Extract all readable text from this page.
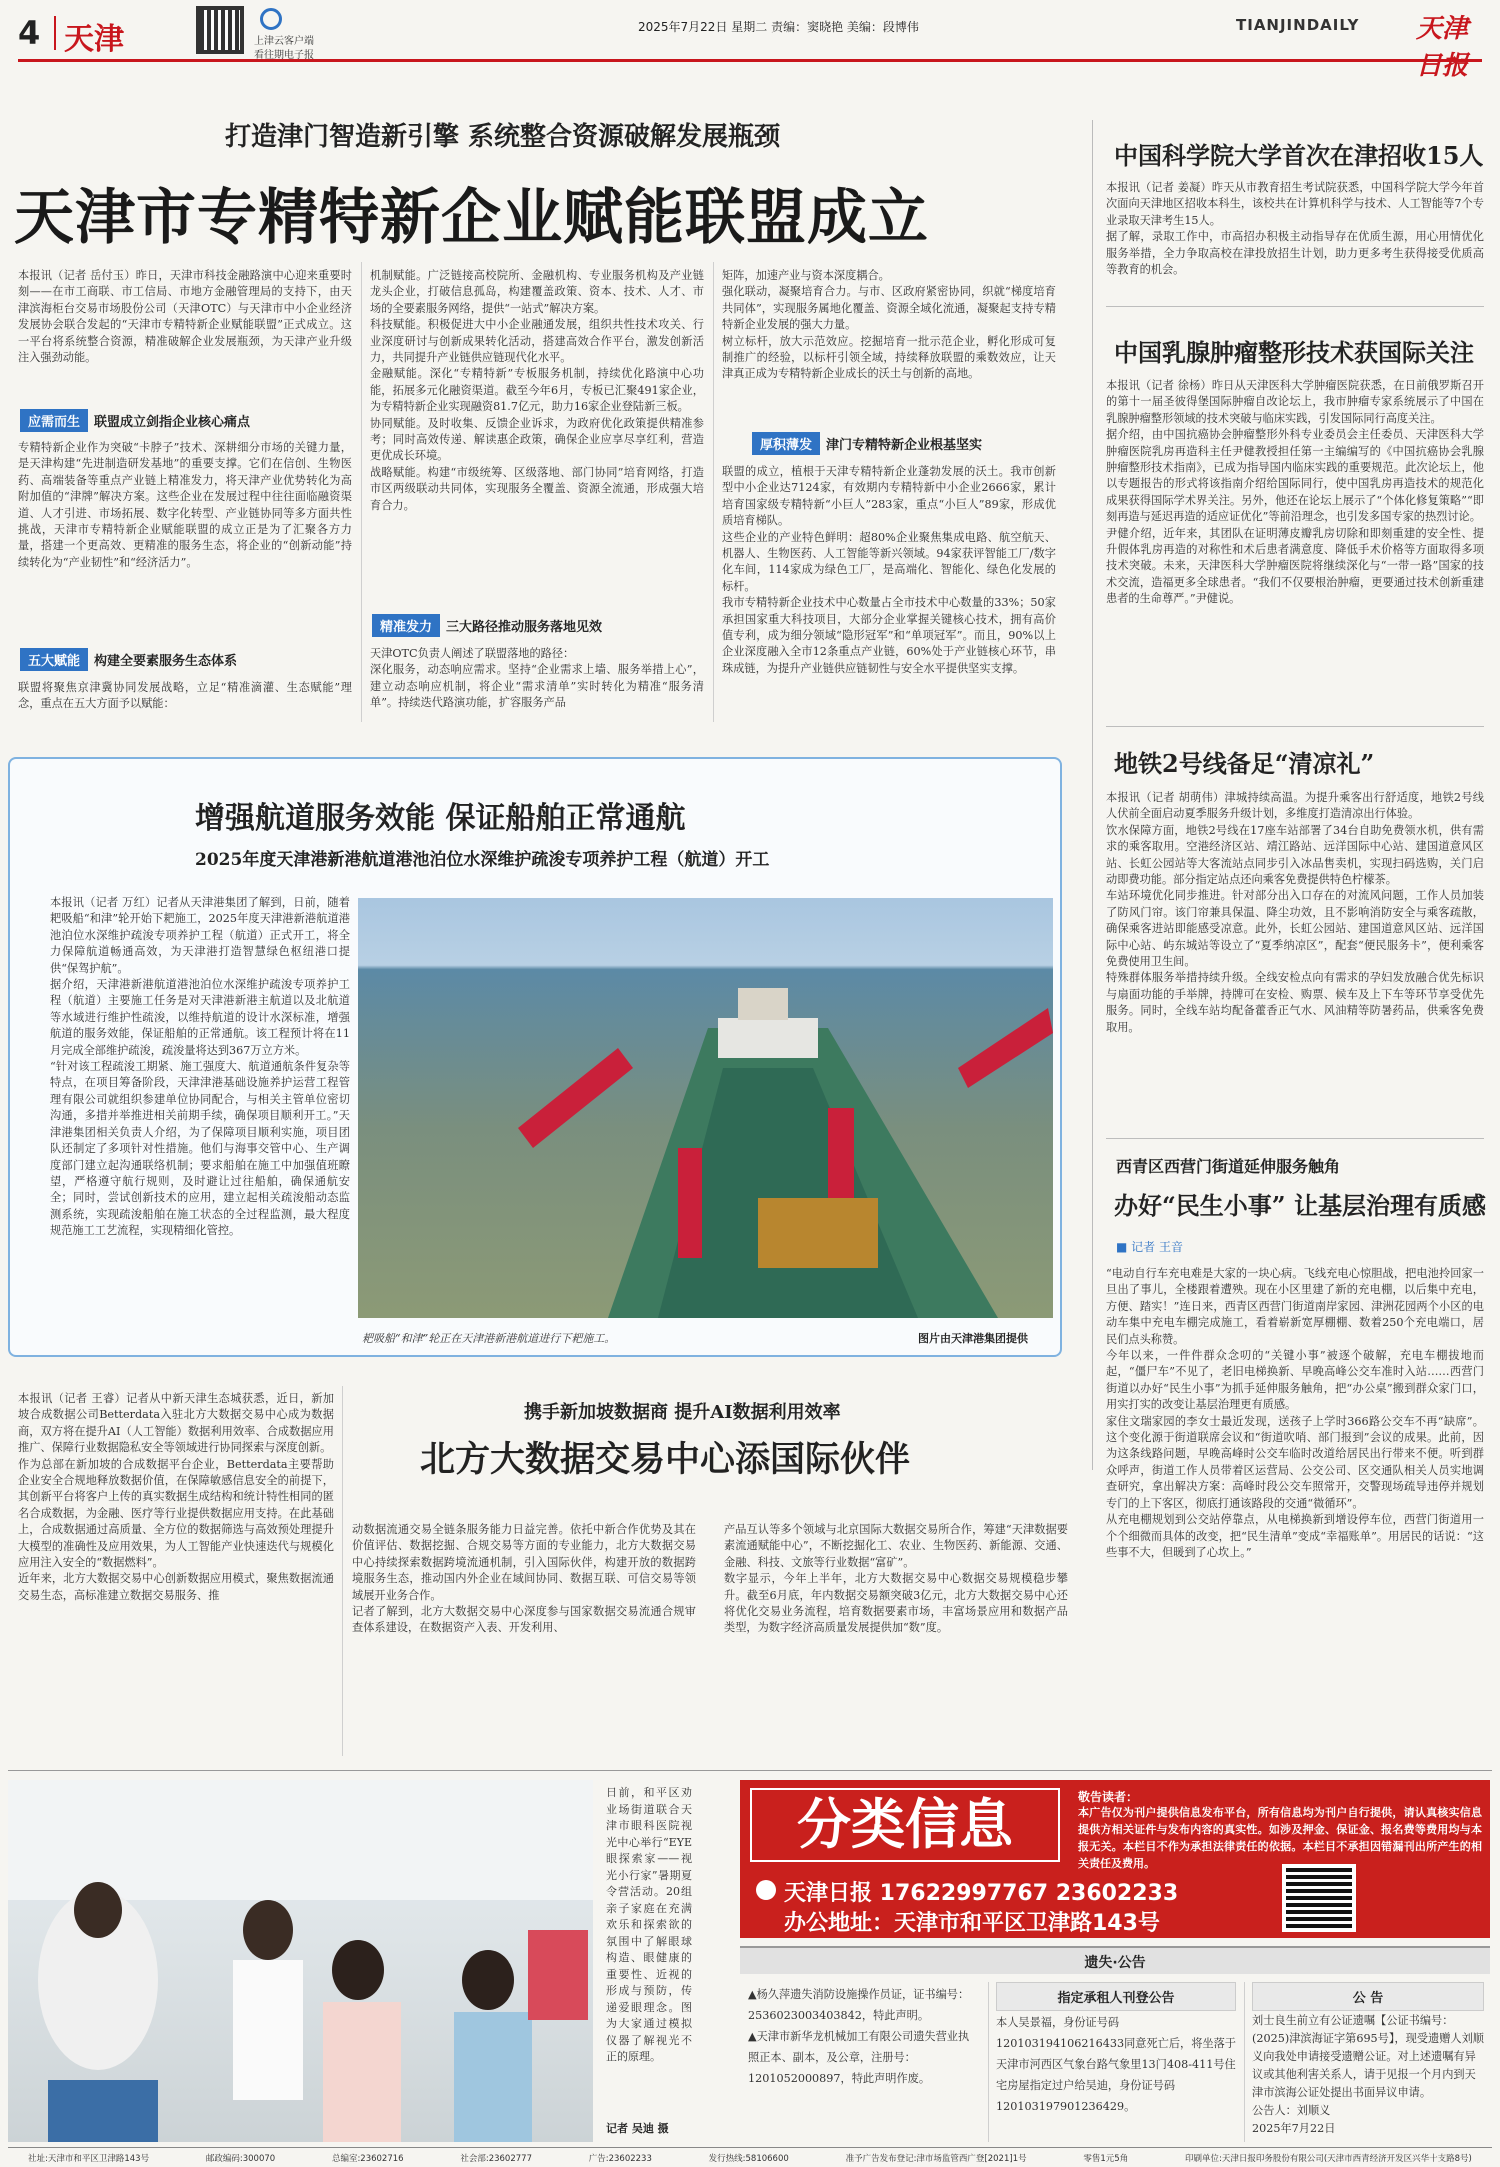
4 天津	上津云客户端
看往期电子报
2025年7月22日 星期二 责编：窦晓艳 美编：段博伟	TIANJINDAILY 天津日报
打造津门智造新引擎 系统整合资源破解发展瓶颈
天津市专精特新企业赋能联盟成立
本报讯（记者 岳付玉）昨日，天津市科技金融路演中心迎来重要时刻——在市工商联、市工信局、市地方金融管理局的支持下，由天津滨海柜台交易市场股份公司（天津OTC）与天津市中小企业经济发展协会联合发起的“天津市专精特新企业赋能联盟”正式成立。这一平台将系统整合资源，精准破解企业发展瓶颈，为天津产业升级注入强劲动能。
应需而生 联盟成立剑指企业核心痛点
专精特新企业作为突破“卡脖子”技术、深耕细分市场的关键力量，是天津构建“先进制造研发基地”的重要支撑。它们在信创、生物医药、高端装备等重点产业链上精准发力，将天津产业优势转化为高附加值的“津牌”解决方案。这些企业在发展过程中往往面临融资渠道、人才引进、市场拓展、数字化转型、产业链协同等多方面共性挑战，天津市专精特新企业赋能联盟的成立正是为了汇聚各方力量，搭建一个更高效、更精准的服务生态，将企业的“创新动能”持续转化为“产业韧性”和“经济活力”。
五大赋能 构建全要素服务生态体系
联盟将聚焦京津冀协同发展战略，立足“精准滴灌、生态赋能”理念，重点在五大方面予以赋能：
机制赋能。广泛链接高校院所、金融机构、专业服务机构及产业链龙头企业，打破信息孤岛，构建覆盖政策、资本、技术、人才、市场的全要素服务网络，提供“一站式”解决方案。
科技赋能。积极促进大中小企业融通发展，组织共性技术攻关、行业深度研讨与创新成果转化活动，搭建高效合作平台，激发创新活力，共同提升产业链供应链现代化水平。
金融赋能。深化“专精特新”专板服务机制，持续优化路演中心功能，拓展多元化融资渠道。截至今年6月，专板已汇聚491家企业，为专精特新企业实现融资81.7亿元，助力16家企业登陆新三板。
协同赋能。及时收集、反馈企业诉求，为政府优化政策提供精准参考；同时高效传递、解读惠企政策，确保企业应享尽享红利，营造更优成长环境。
战略赋能。构建“市级统筹、区级落地、部门协同”培育网络，打造市区两级联动共同体，实现服务全覆盖、资源全流通，形成强大培育合力。
精准发力 三大路径推动服务落地见效
天津OTC负责人阐述了联盟落地的路径：
深化服务，动态响应需求。坚持“企业需求上墙、服务举措上心”，建立动态响应机制，将企业“需求清单”实时转化为精准“服务清单”。持续迭代路演功能，扩容服务产品
矩阵，加速产业与资本深度耦合。
强化联动，凝聚培育合力。与市、区政府紧密协同，织就“梯度培育共同体”，实现服务属地化覆盖、资源全域化流通，凝聚起支持专精特新企业发展的强大力量。
树立标杆，放大示范效应。挖掘培育一批示范企业，孵化形成可复制推广的经验，以标杆引领全域，持续释放联盟的乘数效应，让天津真正成为专精特新企业成长的沃土与创新的高地。
厚积薄发 津门专精特新企业根基坚实
联盟的成立，植根于天津专精特新企业蓬勃发展的沃土。我市创新型中小企业达7124家，有效期内专精特新中小企业2666家，累计培育国家级专精特新“小巨人”283家，重点“小巨人”89家，形成优质培育梯队。
这些企业的产业特色鲜明：超80%企业聚焦集成电路、航空航天、机器人、生物医药、人工智能等新兴领域。94家获评智能工厂/数字化车间，114家成为绿色工厂，是高端化、智能化、绿色化发展的标杆。
我市专精特新企业技术中心数量占全市技术中心数量的33%；50家承担国家重大科技项目，大部分企业掌握关键核心技术，拥有高价值专利，成为细分领域“隐形冠军”和“单项冠军”。而且，90%以上企业深度融入全市12条重点产业链，60%处于产业链核心环节，串珠成链，为提升产业链供应链韧性与安全水平提供坚实支撑。
中国科学院大学首次在津招收15人
本报讯（记者 姜凝）昨天从市教育招生考试院获悉，中国科学院大学今年首次面向天津地区招收本科生，该校共在计算机科学与技术、人工智能等7个专业录取天津考生15人。
据了解，录取工作中，市高招办积极主动指导存在优质生源，用心用情优化服务举措，全力争取高校在津投放招生计划，助力更多考生获得接受优质高等教育的机会。
中国乳腺肿瘤整形技术获国际关注
本报讯（记者 徐杨）昨日从天津医科大学肿瘤医院获悉，在日前俄罗斯召开的第十一届圣彼得堡国际肿瘤自改论坛上，我市肿瘤专家系统展示了中国在乳腺肿瘤整形领域的技术突破与临床实践，引发国际同行高度关注。
据介绍，由中国抗癌协会肿瘤整形外科专业委员会主任委员、天津医科大学肿瘤医院乳房再造科主任尹健教授担任第一主编编写的《中国抗癌协会乳腺肿瘤整形技术指南》，已成为指导国内临床实践的重要规范。此次论坛上，他以专题报告的形式将该指南介绍给国际同行，使中国乳房再造技术的规范化成果获得国际学术界关注。另外，他还在论坛上展示了“个体化修复策略”“即刻再造与延迟再造的适应证优化”等前沿理念，也引发多国专家的热烈讨论。
尹健介绍，近年来，其团队在证明薄皮瓣乳房切除和即刻重建的安全性、提升假体乳房再造的对称性和术后患者满意度、降低手术价格等方面取得多项技术突破。未来，天津医科大学肿瘤医院将继续深化与“一带一路”国家的技术交流，造福更多全球患者。“我们不仅要根治肿瘤，更要通过技术创新重建患者的生命尊严。”尹健说。
地铁2号线备足“清凉礼”
本报讯（记者 胡萌伟）津城持续高温。为提升乘客出行舒适度，地铁2号线人伏前全面启动夏季服务升级计划，多维度打造清凉出行体验。
饮水保障方面，地铁2号线在17座车站部署了34台自助免费领水机，供有需求的乘客取用。空港经济区站、靖江路站、远洋国际中心站、建国道意风区站、长虹公园站等大客流站点同步引入冰品售卖机，实现扫码选购，关门启动即费功能。部分指定站点还向乘客免费提供特色柠檬茶。
车站环境优化同步推进。针对部分出入口存在的对流风问题，工作人员加装了防风门帘。该门帘兼具保温、降尘功效，且不影响消防安全与乘客疏散，确保乘客进站即能感受凉意。此外，长虹公园站、建国道意风区站、远洋国际中心站、屿东城站等设立了“夏季纳凉区”，配套“便民服务卡”，便利乘客免费使用卫生间。
特殊群体服务举措持续升级。全线安检点向有需求的孕妇发放融合优先标识与扇面功能的手举牌，持牌可在安检、购票、候车及上下车等环节享受优先服务。同时，全线车站均配备藿香正气水、风油精等防暑药品，供乘客免费取用。
西青区西营门街道延伸服务触角
办好“民生小事” 让基层治理有质感
■ 记者 王音
“电动自行车充电难是大家的一块心病。飞线充电心惊胆战，把电池拎回家一旦出了事儿，全楼跟着遭殃。现在小区里建了新的充电棚，以后集中充电，方便、踏实！”连日来，西青区西营门街道南岸家园、津洲花园两个小区的电动车集中充电车棚完成施工，看着崭新宽厚棚棚、数着250个充电端口，居民们点头称赞。
今年以来，一件件群众念叨的“关键小事”被逐个破解，充电车棚拔地而起，“僵尸车”不见了，老旧电梯换新、早晚高峰公交车准时入站……西营门街道以办好“民生小事”为抓手延伸服务触角，把“办公桌”搬到群众家门口，用实打实的改变让基层治理更有质感。
家住文瑞家园的李女士最近发现，送孩子上学时366路公交车不再“缺席”。这个变化源于街道联席会议和“街道吹哨、部门报到”会议的成果。此前，因为这条线路问题，早晚高峰时公交车临时改道给居民出行带来不便。听到群众呼声，街道工作人员带着区运营局、公交公司、区交通队相关人员实地调查研究，拿出解决方案：高峰时段公交车照常开，交警现场疏导违停并规划专门的上下客区，彻底打通该路段的交通“微循环”。
从充电棚规划到公交站停靠点，从电梯换新到增设停车位，西营门街道用一个个细微而具体的改变，把“民生清单”变成“幸福账单”。用居民的话说：“这些事不大，但暖到了心坎上。”
增强航道服务效能 保证船舶正常通航
2025年度天津港新港航道港池泊位水深维护疏浚专项养护工程（航道）开工
本报讯（记者 万红）记者从天津港集团了解到，日前，随着耙吸船“和津”轮开始下耙施工，2025年度天津港新港航道港池泊位水深维护疏浚专项养护工程（航道）正式开工，将全力保障航道畅通高效，为天津港打造智慧绿色枢纽港口提供“保驾护航”。
据介绍，天津港新港航道港池泊位水深维护疏浚专项养护工程（航道）主要施工任务是对天津港新港主航道以及北航道等水域进行维护性疏浚，以维持航道的设计水深标准，增强航道的服务效能，保证船舶的正常通航。该工程预计将在11月完成全部维护疏浚，疏浚量将达到367万立方米。
“针对该工程疏浚工期紧、施工强度大、航道通航条件复杂等特点，在项目筹备阶段，天津津港基础设施养护运营工程管理有限公司就组织参建单位协同配合，与相关主管单位密切沟通，多措并举推进相关前期手续，确保项目顺利开工。”天津港集团相关负责人介绍，为了保障项目顺利实施，项目团队还制定了多项针对性措施。他们与海事交管中心、生产调度部门建立起沟通联络机制；要求船舶在施工中加强值班瞭望，严格遵守航行规则，及时避让过往船舶，确保通航安全；同时，尝试创新技术的应用，建立起相关疏浚船动态监测系统，实现疏浚船舶在施工状态的全过程监测，最大程度规范施工工艺流程，实现精细化管控。
耙吸船“和津”轮正在天津港新港航道进行下耙施工。	图片由天津港集团提供
本报讯（记者 王睿）记者从中新天津生态城获悉，近日，新加坡合成数据公司Betterdata入驻北方大数据交易中心成为数据商，双方将在提升AI（人工智能）数据利用效率、合成数据应用推广、保障行业数据隐私安全等领域进行协同探索与深度创新。
作为总部在新加坡的合成数据平台企业，Betterdata主要帮助企业安全合规地释放数据价值，在保障敏感信息安全的前提下，其创新平台将客户上传的真实数据生成结构和统计特性相同的匿名合成数据，为金融、医疗等行业提供数据应用支持。在此基础上，合成数据通过高质量、全方位的数据筛选与高效预处理提升大模型的准确性及应用效果，为人工智能产业快速迭代与规模化应用注入安全的“数据燃料”。
近年来，北方大数据交易中心创新数据应用模式，聚焦数据流通交易生态，高标准建立数据交易服务、推
携手新加坡数据商 提升AI数据利用效率
北方大数据交易中心添国际伙伴
动数据流通交易全链条服务能力日益完善。依托中新合作优势及其在价值评估、数据挖掘、合规交易等方面的专业能力，北方大数据交易中心持续探索数据跨境流通机制，引入国际伙伴，构建开放的数据跨境服务生态，推动国内外企业在域间协同、数据互联、可信交易等领域展开业务合作。
记者了解到，北方大数据交易中心深度参与国家数据交易流通合规审查体系建设，在数据资产入表、开发利用、
产品互认等多个领域与北京国际大数据交易所合作，筹建“天津数据要素流通赋能中心”，不断挖掘化工、农业、生物医药、新能源、交通、金融、科技、文旅等行业数据“富矿”。
数字显示，今年上半年，北方大数据交易中心数据交易规模稳步攀升。截至6月底，年内数据交易额突破3亿元，北方大数据交易中心还将优化交易业务流程，培育数据要素市场，丰富场景应用和数据产品类型，为数字经济高质量发展提供加“数”度。
日前，和平区劝业场街道联合天津市眼科医院视光中心举行“EYE眼探索家——视光小行家”暑期夏令营活动。20组亲子家庭在充满欢乐和探索欲的氛围中了解眼球构造、眼健康的重要性、近视的形成与预防，传递爱眼理念。图为大家通过模拟仪器了解视光不正的原理。
记者 吴迪 摄
分类信息	敬告读者：
本广告仅为刊户提供信息发布平台，所有信息均为刊户自行提供，请认真核实信息提供方相关证件与发布内容的真实性。如涉及押金、保证金、报名费等费用均与本报无关。本栏目不作为承担法律责任的依据。本栏目不承担因错漏刊出所产生的相关责任及费用。
天津日报 17622997767 23602233
办公地址：天津市和平区卫津路143号
遗失·公告
▲杨久萍遗失消防设施操作员证，证书编号：2536023003403842，特此声明。
▲天津市新华龙机械加工有限公司遗失营业执照正本、副本，及公章，注册号：1201052000897，特此声明作废。
指定承租人刊登公告
本人吴景福，身份证号码120103194106216433同意死亡后，将坐落于天津市河西区气象台路气象里13门408-411号住宅房屋指定过户给吴迪，身份证号码120103197901236429。
公 告
刘士良生前立有公证遗嘱【公证书编号：(2025)津滨海证字第695号】，现受遗赠人刘顺义向我处申请接受遗赠公证。对上述遗嘱有异议或其他利害关系人，请于见报一个月内到天津市滨海公证处提出书面异议申请。
公告人：刘顺义
2025年7月22日
社址:天津市和平区卫津路143号	邮政编码:300070	总编室:23602716	社会部:23602777	广告:23602233	发行热线:58106600	准予广告发布登记:津市场监管西广登[2021]1号	零售1元5角	印刷单位:天津日报印务股份有限公司(天津市西青经济开发区兴华十支路8号)
